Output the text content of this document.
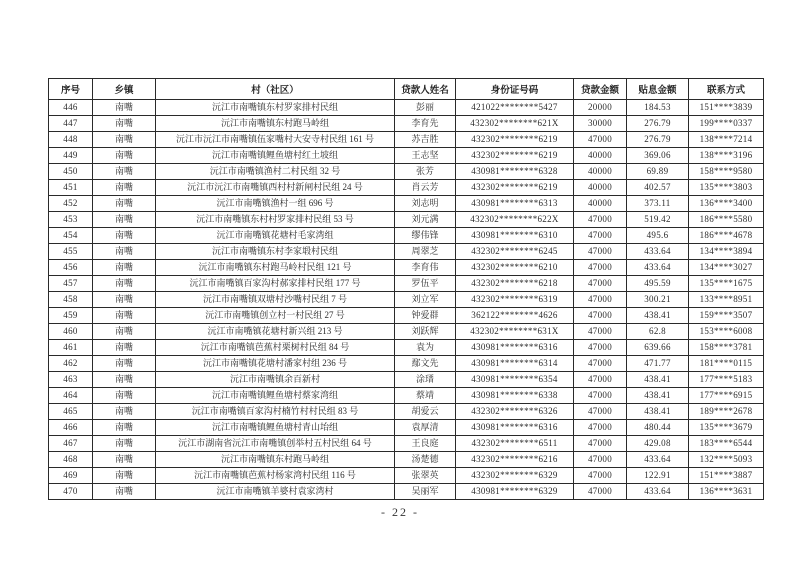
序号	乡镇	村（社区）	贷款人姓名	身份证号码	贷款金额	贴息金额	联系方式
446	南嘴	沅江市南嘴镇东村罗家排村民组	彭丽	421022********5427	20000	184.53	151****3839
447	南嘴	沅江市南嘴镇东村跑马岭组	李育先	432302********621X	30000	276.79	199****0337
448	南嘴	沅江市沅江市南嘴镇伍家嘴村大安寺村民组 161 号	苏吉胜	432302********6219	47000	276.79	138****7214
449	南嘴	沅江市南嘴镇鲤鱼塘村红土坡组	王志坚	432302********6219	40000	369.06	138****3196
450	南嘴	沅江市南嘴镇渔村二村民组 32 号	张芳	430981********6328	40000	69.89	158****9580
451	南嘴	沅江市沅江市南嘴镇西村村新闸村民组 24 号	肖云芳	432302********6219	40000	402.57	135****3803
452	南嘴	沅江市南嘴镇渔村一组 696 号	刘志明	430981********6313	40000	373.11	136****3400
453	南嘴	沅江市南嘴镇东村村罗家排村民组 53 号	刘元满	432302********622X	47000	519.42	186****5580
454	南嘴	沅江市南嘴镇花塘村毛家湾组	缪伟锋	430981********6310	47000	495.6	186****4678
455	南嘴	沅江市南嘴镇东村李家塅村民组	周翠芝	432302********6245	47000	433.64	134****3894
456	南嘴	沅江市南嘴镇东村跑马岭村民组 121 号	李育伟	432302********6210	47000	433.64	134****3027
457	南嘴	沅江市南嘴镇百家沟村郝家排村民组 177 号	罗伍平	432302********6218	47000	495.59	135****1675
458	南嘴	沅江市南嘴镇双塘村沙嘴村民组 7 号	刘立军	432302********6319	47000	300.21	133****8951
459	南嘴	沅江市南嘴镇创立村一村民组 27 号	钟爱群	362122********4626	47000	438.41	159****3507
460	南嘴	沅江市南嘴镇花塘村新兴组 213 号	刘跃辉	432302********631X	47000	62.8	153****6008
461	南嘴	沅江市南嘴镇芭蕉村栗树村民组 84 号	袁为	430981********6316	47000	639.66	158****3781
462	南嘴	沅江市南嘴镇花塘村潘家村组 236 号	鄢文先	430981********6314	47000	471.77	181****0115
463	南嘴	沅江市南嘴镇余百新村	涂瑨	430981********6354	47000	438.41	177****5183
464	南嘴	沅江市南嘴镇鲤鱼塘村蔡家湾组	蔡靖	430981********6338	47000	438.41	177****6915
465	南嘴	沅江市南嘴镇百家沟村楠竹村村民组 83 号	胡爱云	432302********6326	47000	438.41	189****2678
466	南嘴	沅江市南嘴镇鲤鱼塘村青山坮组	袁厚清	430981********6316	47000	480.44	135****3679
467	南嘴	沅江市湖南省沅江市南嘴镇创举村五村民组 64 号	王良庭	432302********6511	47000	429.08	183****6544
468	南嘴	沅江市南嘴镇东村跑马岭组	汤楚德	432302********6216	47000	433.64	132****5093
469	南嘴	沅江市南嘴镇芭蕉村杨家湾村民组 116 号	张翠英	432302********6329	47000	122.91	151****3887
470	南嘴	沅江市南嘴镇羊婆村袁家湾村	吴丽军	430981********6329	47000	433.64	136****3631
- 22 -
